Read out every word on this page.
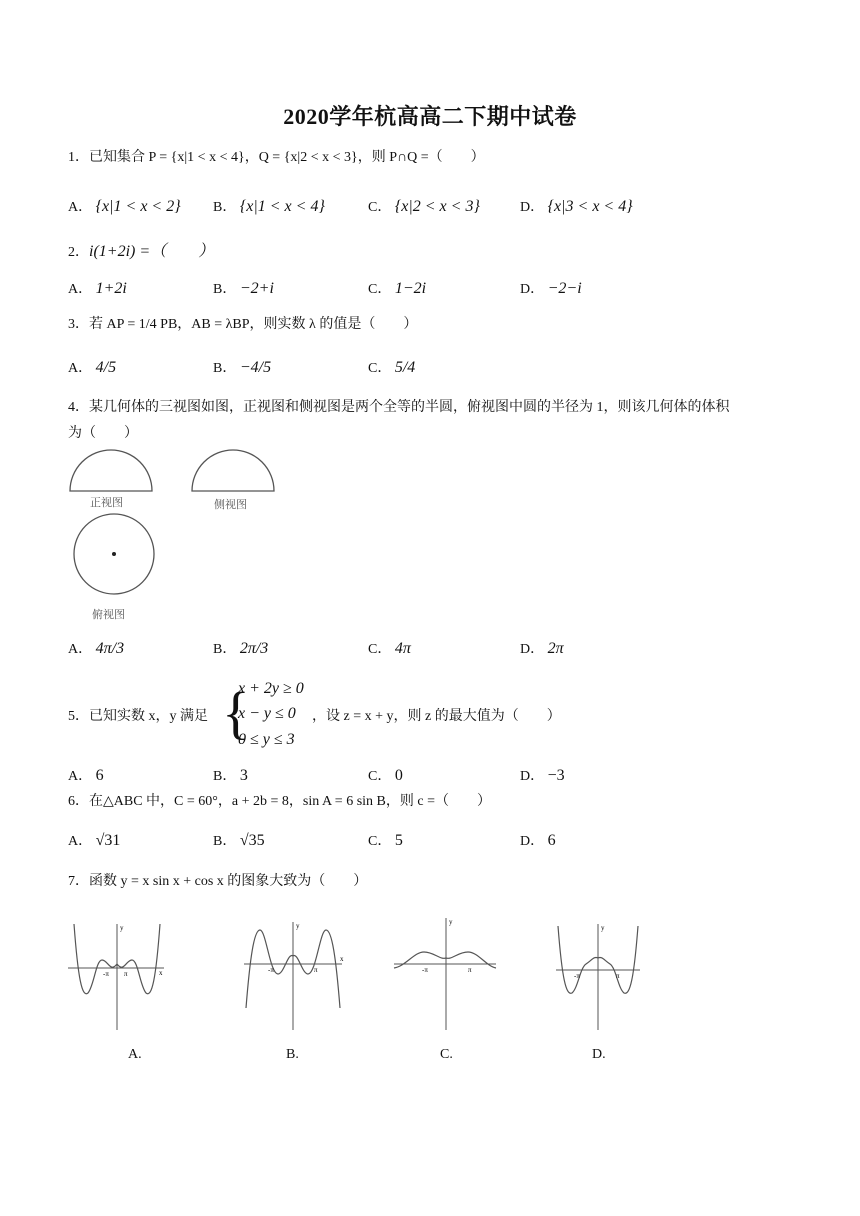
2020学年杭高高二下期中试卷
1．已知集合 P = {x|1 < x < 4}，Q = {x|2 < x < 3}，则 P∩Q =（　　）
A． {x|1 < x < 2} B． {x|1 < x < 4}	C． {x|2 < x < 3}	D． {x|3 < x < 4}
2．i(1+2i) =（　　）
A． 1+2i	B． −2+i	C． 1−2i	D． −2−i
3．若 AP = 1/4 PB，AB = λBP，则实数 λ 的值是（　　）
A． 4/5	B． −4/5	C． 5/4
4．某几何体的三视图如图，正视图和侧视图是两个全等的半圆，俯视图中圆的半径为 1，则该几何体的体积
为（　　）
正视图	侧视图
俯视图
A． 4π/3	B． 2π/3	C． 4π	D． 2π
5．已知实数 x，y 满足 {
x + 2y ≥ 0
x − y ≤ 0
0 ≤ y ≤ 3
，设 z = x + y，则 z 的最大值为（　　）
A． 6	B． 3	C． 0	D． −3
6．在△ABC 中，C = 60°，a + 2b = 8，sin A = 6 sin B，则 c =（　　）
A． √31	B． √35	C． 5	D． 6
7．函数 y = x sin x + cos x 的图象大致为（　　）
y
x
-π π
A.
y
x
-π	π
B.
y
-π	π
C.
y
-π	π
D.
